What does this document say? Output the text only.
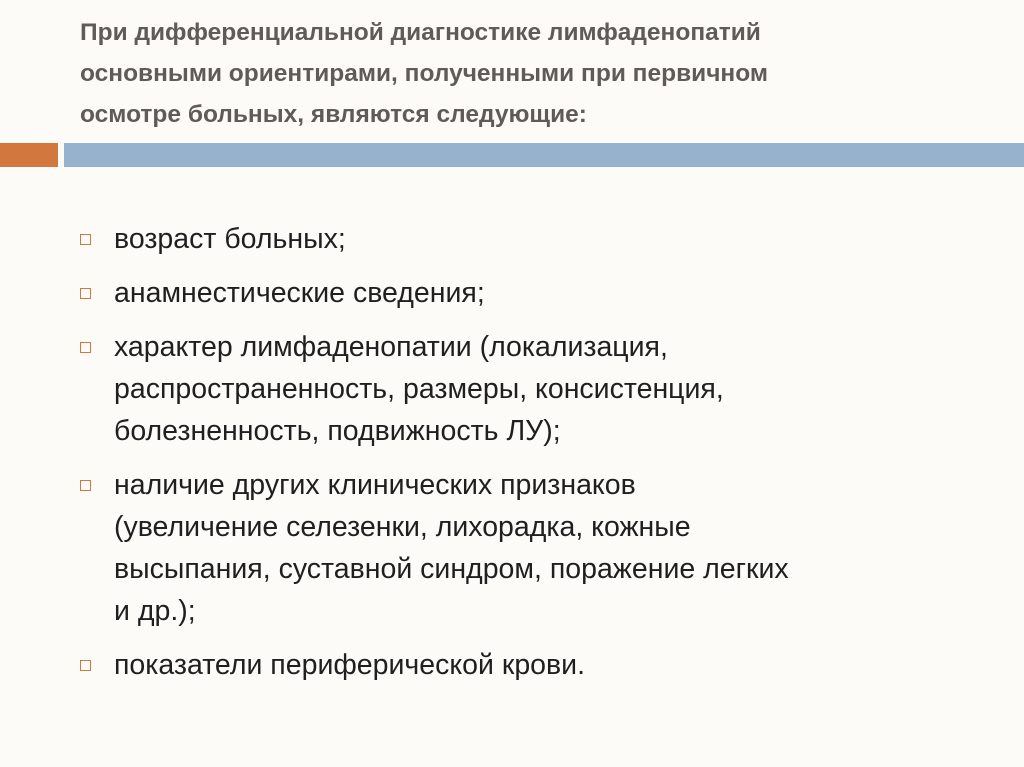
При дифференциальной диагностике лимфаденопатий
основными ориентирами, полученными при первичном
осмотре больных, являются следующие:
возраст больных;
анамнестические сведения;
характер лимфаденопатии (локализация,
распространенность, размеры, консистенция,
болезненность, подвижность ЛУ);
наличие других клинических признаков
(увеличение селезенки, лихорадка, кожные
высыпания, суставной синдром, поражение легких
и др.);
показатели периферической крови.
